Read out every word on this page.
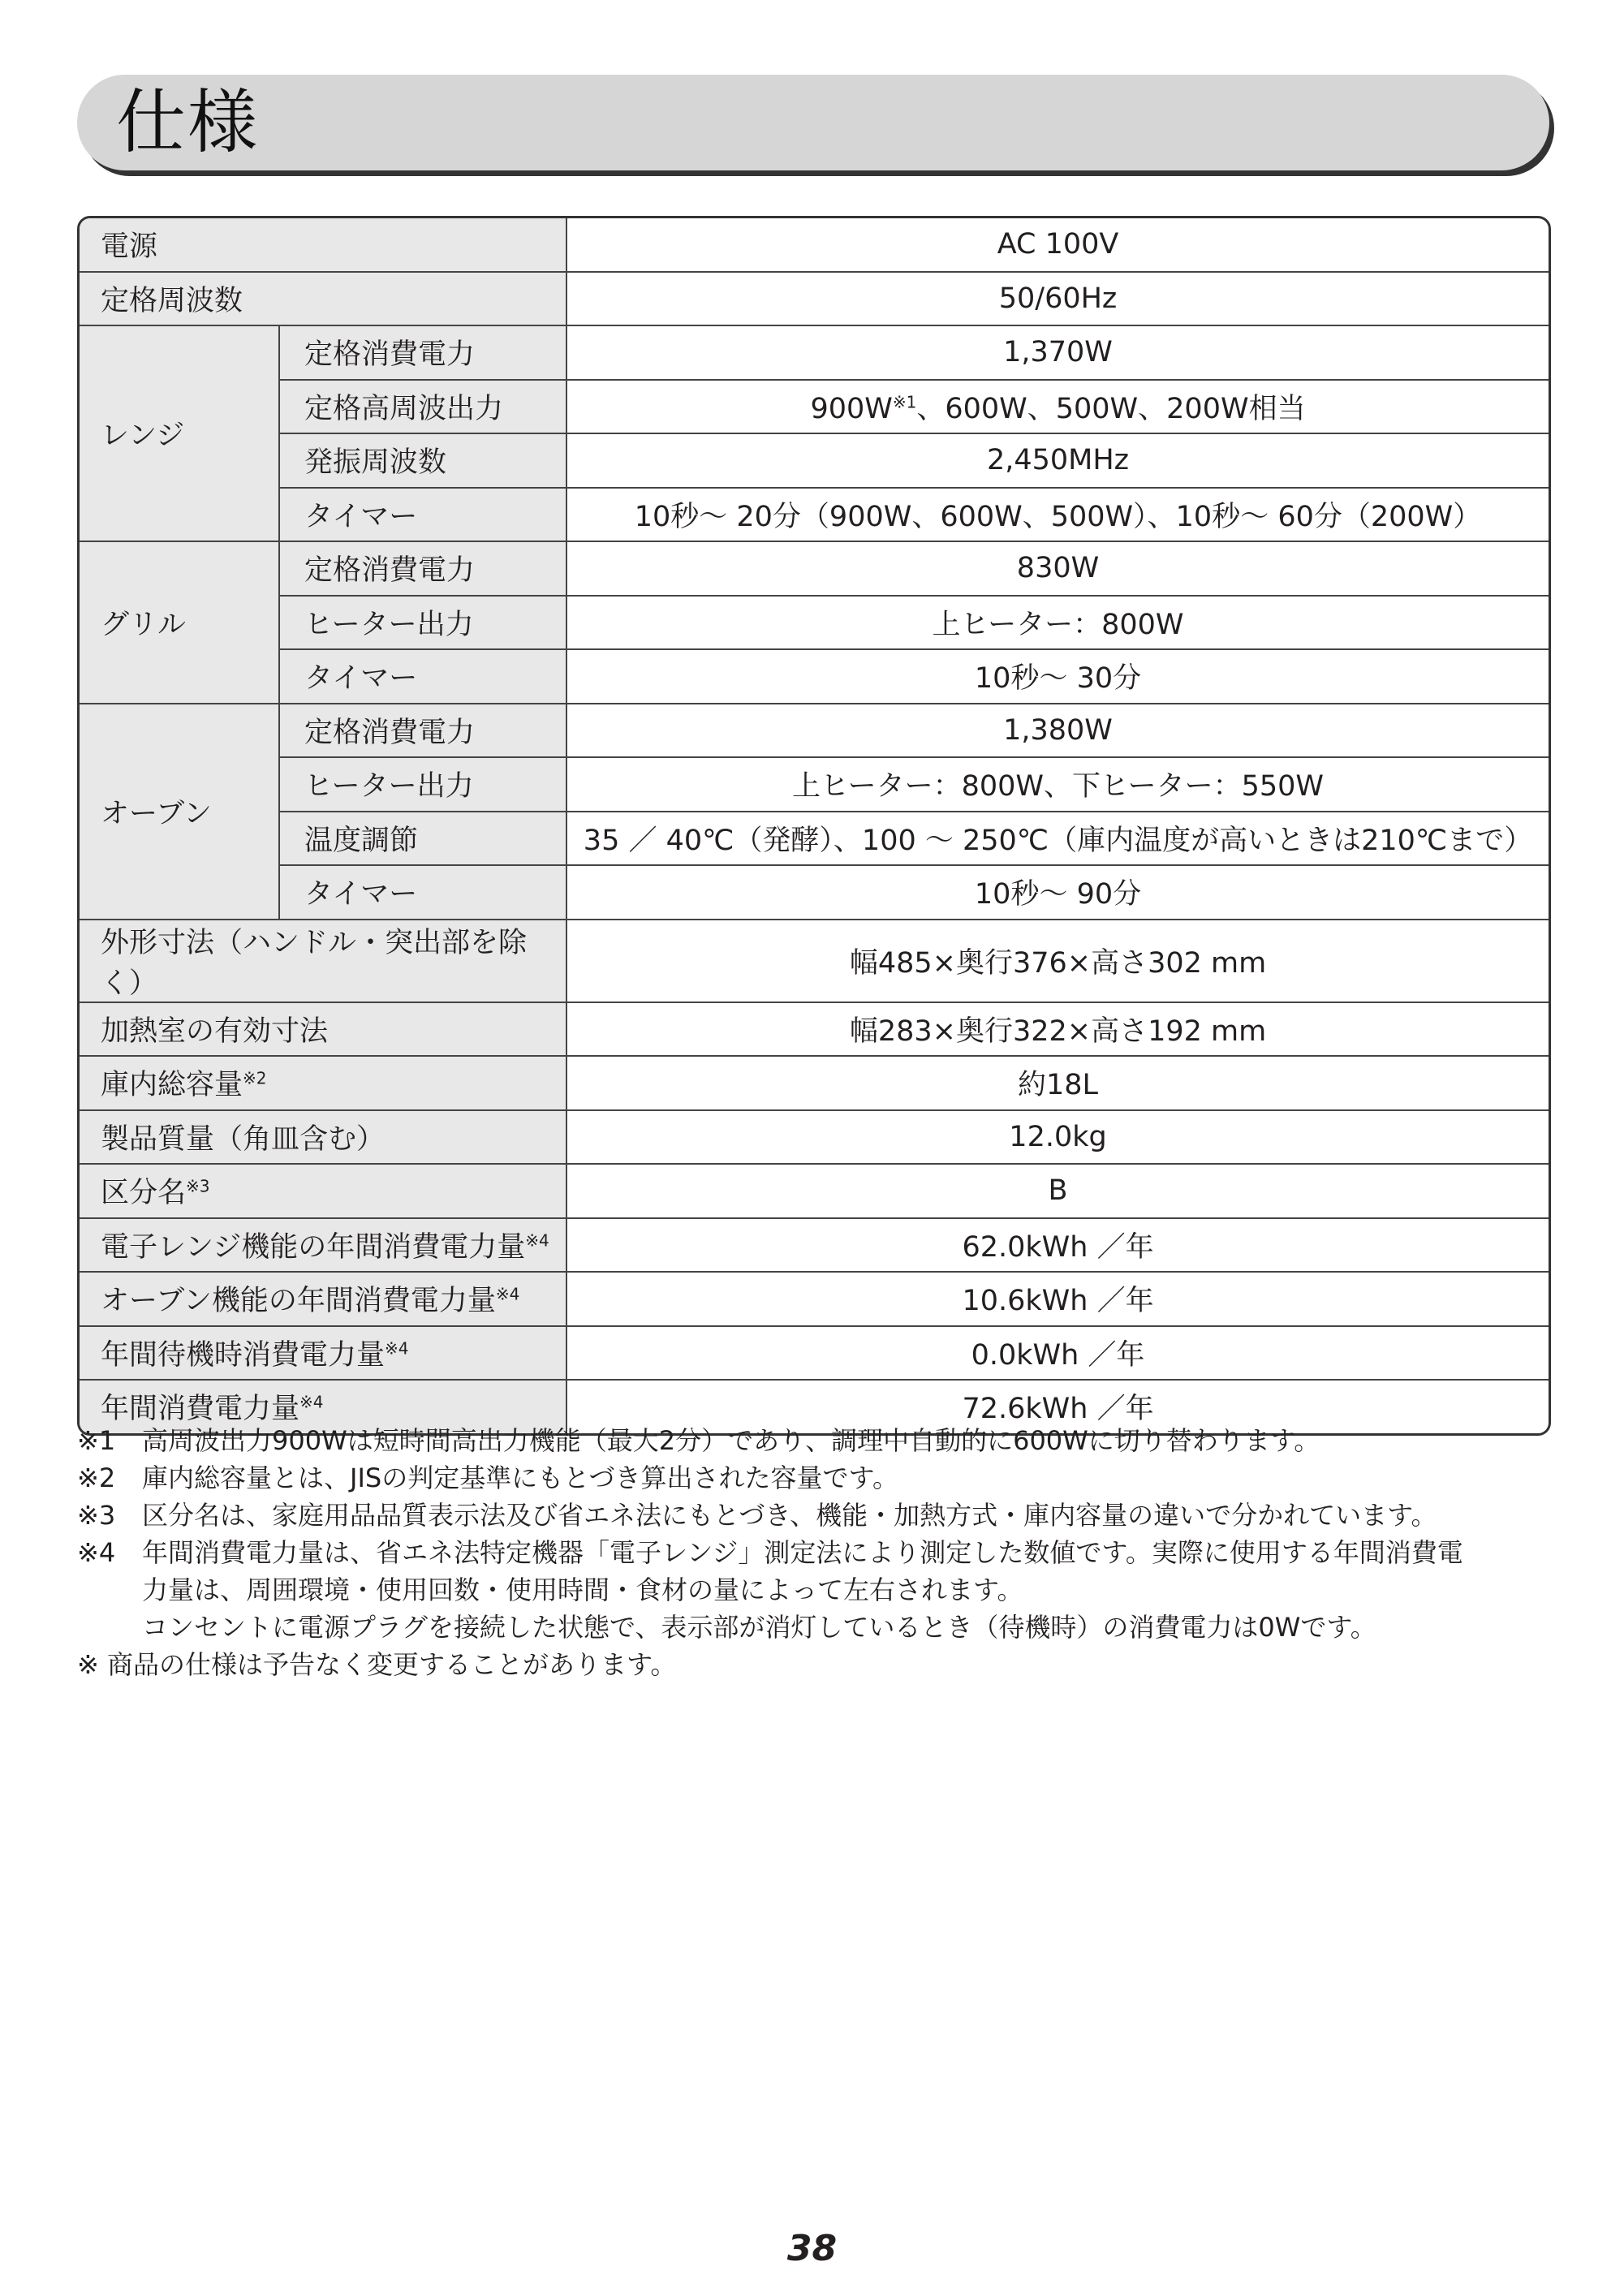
仕様
電源		AC 100V
定格周波数		50/60Hz
レンジ	定格消費電力	1,370W
	定格高周波出力	$900W^{※1}$、600W、500W、200W相当
	発振周波数	2,450MHz
	タイマー	10秒～ 20分（900W、600W、500W）、10秒～ 60分（200W）
グリル	定格消費電力	830W
	ヒーター出力	上ヒーター：800W
	タイマー	10秒～ 30分
オーブン	定格消費電力	1,380W
	ヒーター出力	上ヒーター：800W、下ヒーター：550W
	温度調節	35 ／ 40℃（発酵）、100 ～ 250℃（庫内温度が高いときは210℃まで）
	タイマー	10秒～ 90分
外形寸法（ハンドル・突出部を除く）		幅485×奥行376×高さ302 mm
加熱室の有効寸法		幅283×奥行322×高さ192 mm
庫内総容量$^{※2}$		約18L
製品質量（角皿含む）		12.0kg
区分名$^{※3}$		B
電子レンジ機能の年間消費電力量$^{※4}$		62.0kWh ／年
オーブン機能の年間消費電力量$^{※4}$		10.6kWh ／年
年間待機時消費電力量$^{※4}$		0.0kWh ／年
年間消費電力量$^{※4}$		72.6kWh ／年
※1 高周波出力900Wは短時間高出力機能（最大2分）であり、調理中自動的に600Wに切り替わります。
※2 庫内総容量とは、JISの判定基準にもとづき算出された容量です。
※3 区分名は、家庭用品品質表示法及び省エネ法にもとづき、機能・加熱方式・庫内容量の違いで分かれています。
※4 年間消費電力量は、省エネ法特定機器「電子レンジ」測定法により測定した数値です。実際に使用する年間消費電
力量は、周囲環境・使用回数・使用時間・食材の量によって左右されます。
コンセントに電源プラグを接続した状態で、表示部が消灯しているとき（待機時）の消費電力は0Wです。
※ 商品の仕様は予告なく変更することがあります。
38
